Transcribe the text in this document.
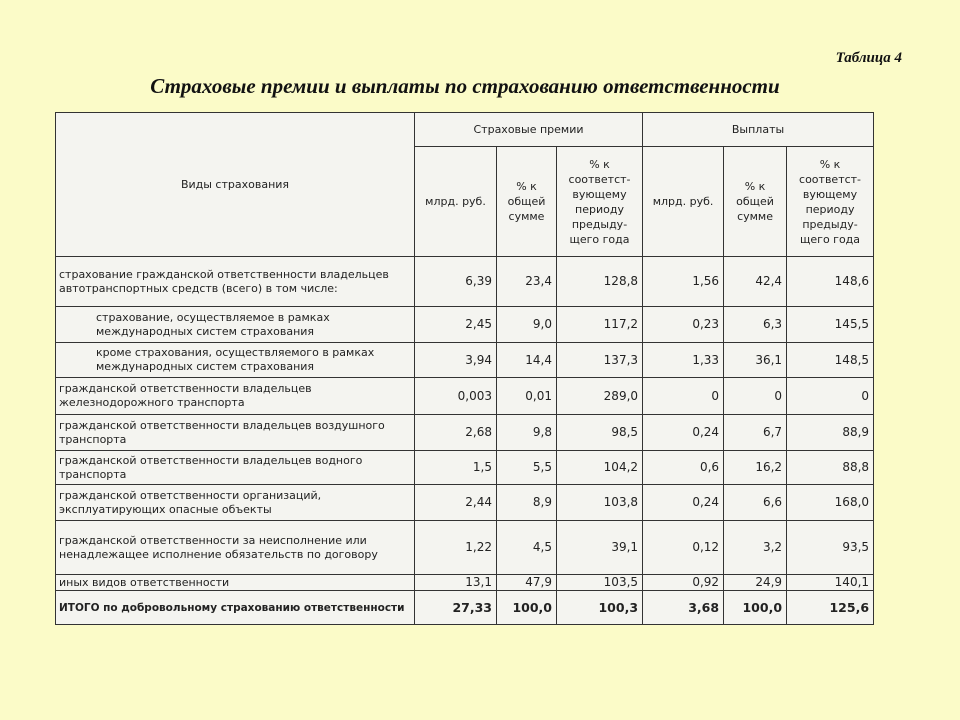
Таблица 4
Страховые премии и выплаты по страхованию ответственности
Виды страхования	Страховые премии			Выплаты		
	млрд. руб.	% к общей сумме	% к соответст-вующему периоду предыду-щего года	млрд. руб.	% к общей сумме	% к соответст-вующему периоду предыду-щего года
страхование гражданской ответственности владельцев автотранспортных средств (всего) в том числе:	6,39	23,4	128,8	1,56	42,4	148,6
страхование, осуществляемое в рамках международных систем страхования	2,45	9,0	117,2	0,23	6,3	145,5
кроме страхования, осуществляемого в рамках международных систем страхования	3,94	14,4	137,3	1,33	36,1	148,5
гражданской ответственности владельцев железнодорожного транспорта	0,003	0,01	289,0	0	0	0
гражданской ответственности владельцев воздушного транспорта	2,68	9,8	98,5	0,24	6,7	88,9
гражданской ответственности владельцев водного транспорта	1,5	5,5	104,2	0,6	16,2	88,8
гражданской ответственности организаций, эксплуатирующих опасные объекты	2,44	8,9	103,8	0,24	6,6	168,0
гражданской ответственности за неисполнение или ненадлежащее исполнение обязательств по договору	1,22	4,5	39,1	0,12	3,2	93,5
иных видов ответственности	13,1	47,9	103,5	0,92	24,9	140,1
ИТОГО по добровольному страхованию ответственности	27,33	100,0	100,3	3,68	100,0	125,6
